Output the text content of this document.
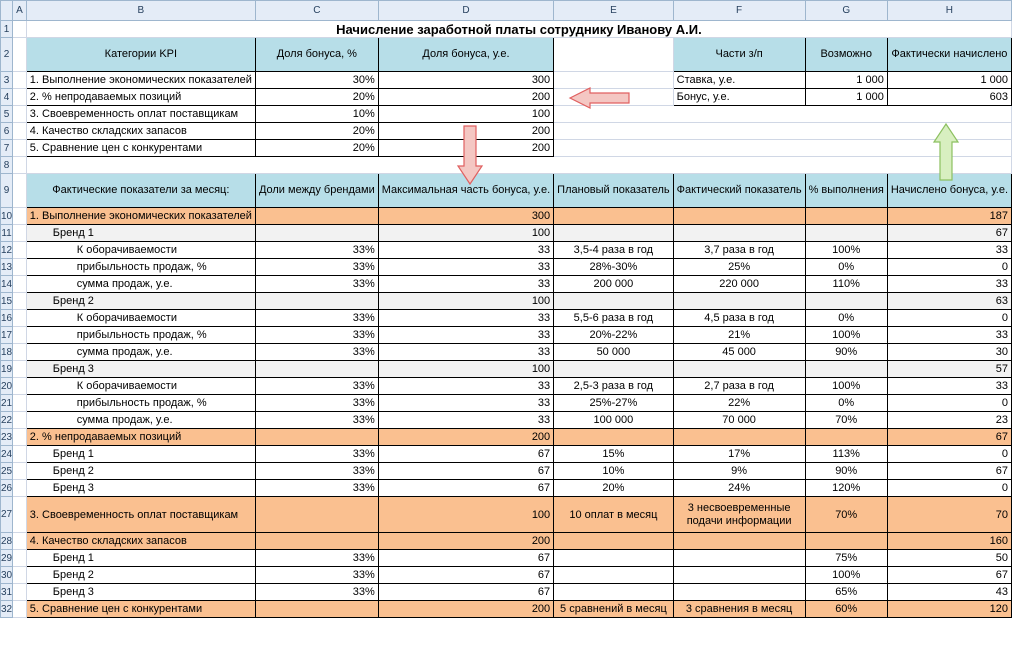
	A	B	C	D	E	F	G	H
1		Начисление заработной платы сотруднику Иванову А.И.						
2		Категории KPI	Доля бонуса, %	Доля бонуса, у.е.		Части з/п	Возможно	Фактически начислено
3		1. Выполнение экономических показателей	30%	300		Ставка, у.е.	1 000	1 000
4		2. % непродаваемых позиций	20%	200		Бонус, у.е.	1 000	603
5		3. Своевременность оплат поставщикам	10%	100				
6		4. Качество складских запасов	20%	200				
7		5. Сравнение цен с конкурентами	20%	200				
8								
9		Фактические показатели за месяц:	Доли между брендами	Максимальная часть бонуса, у.е.	Плановый показатель	Фактический показатель	% выполнения	Начислено бонуса, у.е.
10		1. Выполнение экономических показателей		300				187
11		Бренд 1		100				67
12		К оборачиваемости	33%	33	3,5-4 раза в год	3,7 раза в год	100%	33
13		прибыльность продаж, %	33%	33	28%-30%	25%	0%	0
14		сумма продаж, у.е.	33%	33	200 000	220 000	110%	33
15		Бренд 2		100				63
16		К оборачиваемости	33%	33	5,5-6 раза в год	4,5 раза в год	0%	0
17		прибыльность продаж, %	33%	33	20%-22%	21%	100%	33
18		сумма продаж, у.е.	33%	33	50 000	45 000	90%	30
19		Бренд 3		100				57
20		К оборачиваемости	33%	33	2,5-3 раза в год	2,7 раза в год	100%	33
21		прибыльность продаж, %	33%	33	25%-27%	22%	0%	0
22		сумма продаж, у.е.	33%	33	100 000	70 000	70%	23
23		2. % непродаваемых позиций		200				67
24		Бренд 1	33%	67	15%	17%	113%	0
25		Бренд 2	33%	67	10%	9%	90%	67
26		Бренд 3	33%	67	20%	24%	120%	0
27		3. Своевременность оплат поставщикам		100	10 оплат в месяц	3 несвоевременные подачи информации	70%	70
28		4. Качество складских запасов		200				160
29		Бренд 1	33%	67			75%	50
30		Бренд 2	33%	67			100%	67
31		Бренд 3	33%	67			65%	43
32		5. Сравнение цен с конкурентами		200	5 сравнений в месяц	3 сравнения в месяц	60%	120
